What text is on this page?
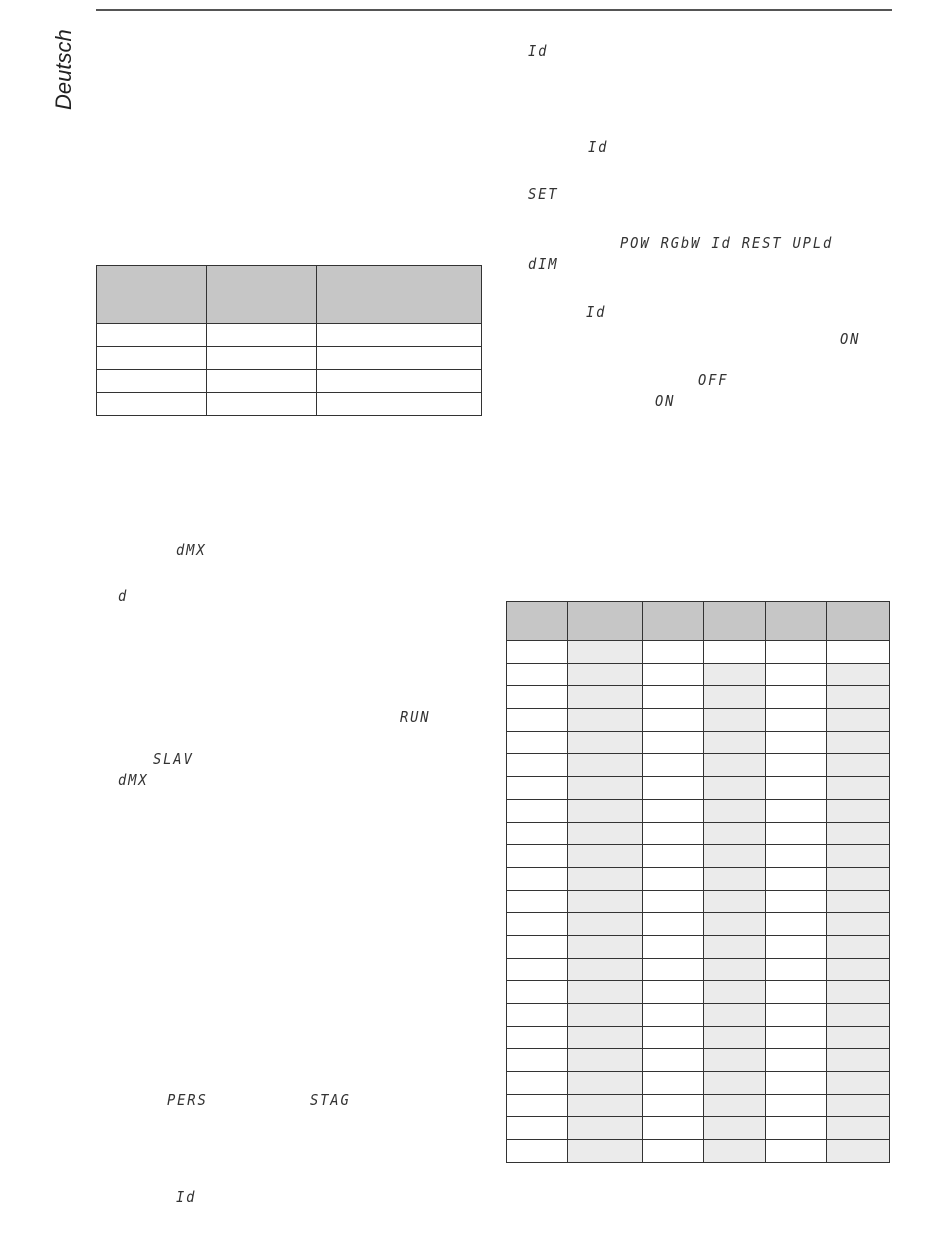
Deutsch
dMX
d
RUN
SLAV
dMX
PERS	STAG
Id
Id
Id
SET
POW RGbW Id REST UPLd
dIM
Id
ON
OFF
ON
